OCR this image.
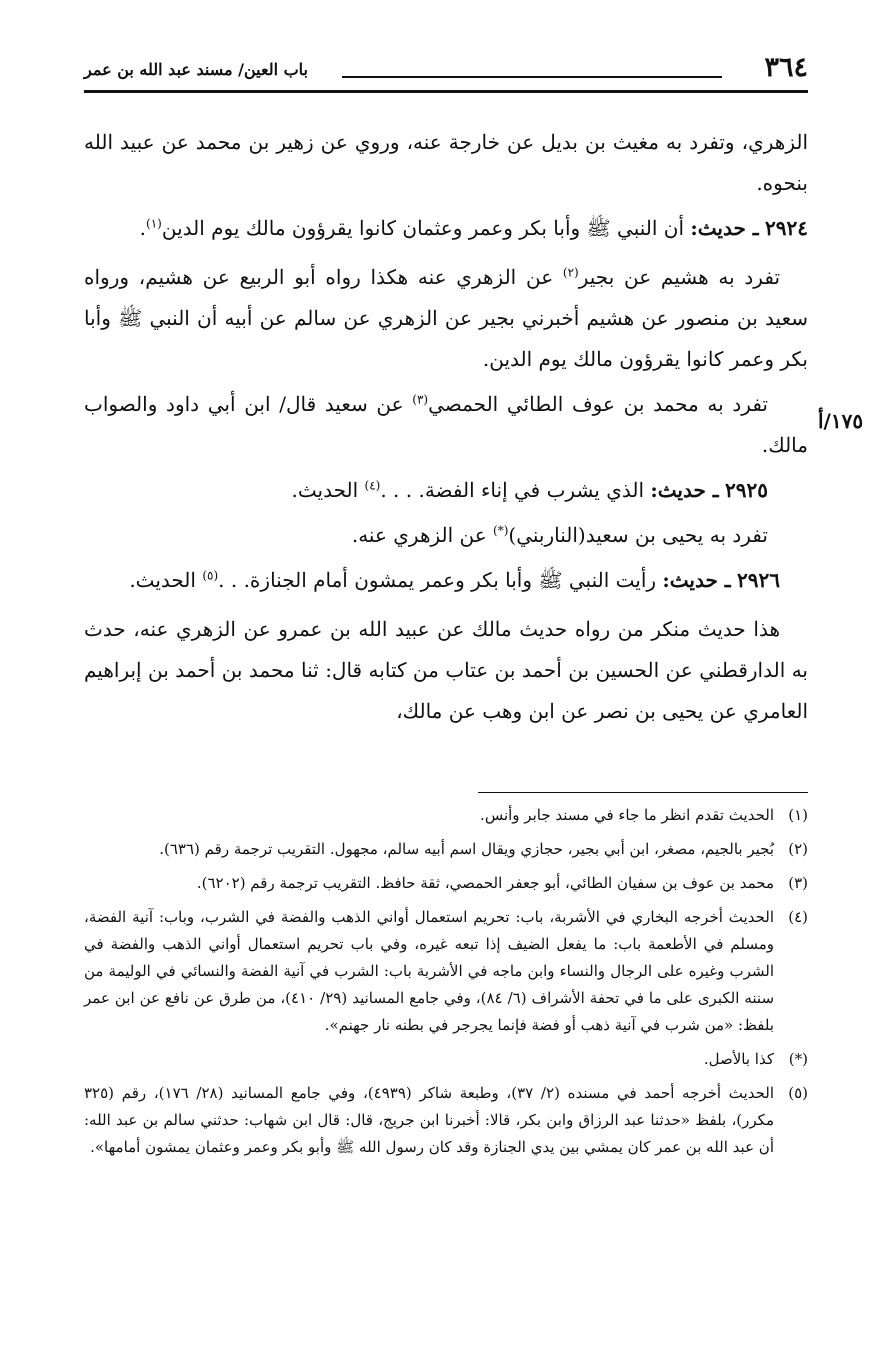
٣٦٤
باب العين/ مسند عبد الله بن عمر
١٧٥/أ

الزهري، وتفرد به مغيث بن بديل عن خارجة عنه، وروي عن زهير بن محمد عن عبيد الله بنحوه.

٢٩٢٤ ـ حديث: أن النبي ﷺ وأبا بكر وعمر وعثمان كانوا يقرؤون مالك يوم الدين$^{(١)}$.

تفرد به هشيم عن بجير$^{(٢)}$ عن الزهري عنه هكذا رواه أبو الربيع عن هشيم، ورواه سعيد بن منصور عن هشيم أخبرني بجير عن الزهري عن سالم عن أبيه أن النبي ﷺ وأبا بكر وعمر كانوا يقرؤون مالك يوم الدين.

تفرد به محمد بن عوف الطائي الحمصي$^{(٣)}$ عن سعيد قال/ ابن أبي داود والصواب مالك.

٢٩٢٥ ـ حديث: الذي يشرب في إناء الفضة. . . .$^{(٤)}$ الحديث.

تفرد به يحيى بن سعيد(الناربني)(*) عن الزهري عنه.

٢٩٢٦ ـ حديث: رأيت النبي ﷺ وأبا بكر وعمر يمشون أمام الجنازة. . .$^{(٥)}$ الحديث.

هذا حديث منكر من رواه حديث مالك عن عبيد الله بن عمرو عن الزهري عنه، حدث به الدارقطني عن الحسين بن أحمد بن عتاب من كتابه قال: ثنا محمد بن أحمد بن إبراهيم العامري عن يحيى بن نصر عن ابن وهب عن مالك،

(١)
الحديث تقدم انظر ما جاء في مسند جابر وأنس.

(٢)
بُجير بالجيم، مصغر، ابن أبي بجير، حجازي ويقال اسم أبيه سالم، مجهول. التقريب ترجمة رقم (٦٣٦).

(٣)
محمد بن عوف بن سفيان الطائي، أبو جعفر الحمصي، ثقة حافظ. التقريب ترجمة رقم (٦٢٠٢).

(٤)
الحديث أخرجه البخاري في الأشربة، باب: تحريم استعمال أواني الذهب والفضة في الشرب، وباب: آنية الفضة، ومسلم في الأطعمة باب: ما يفعل الضيف إذا تبعه غيره، وفي باب تحريم استعمال أواني الذهب والفضة في الشرب وغيره على الرجال والنساء وابن ماجه في الأشربة باب: الشرب في آنية الفضة والنسائي في الوليمة من سننه الكبرى على ما في تحفة الأشراف (٦/ ٨٤)، وفي جامع المسانيد (٢٩/ ٤١٠)، من طرق عن نافع عن ابن عمر بلفظ: «من شرب في آنية ذهب أو فضة فإنما يجرجر في بطنه نار جهنم».

(*)
كذا بالأصل.

(٥)
الحديث أخرجه أحمد في مسنده (٢/ ٣٧)، وطبعة شاكر (٤٩٣٩)، وفي جامع المسانيد (٢٨/ ١٧٦)، رقم (٣٢٥ مكرر)، بلفظ «حدثنا عبد الرزاق وابن بكر، قالا: أخبرنا ابن جريج، قال: قال ابن شهاب: حدثني سالم بن عبد الله: أن عبد الله بن عمر كان يمشي بين يدي الجنازة وقد كان رسول الله ﷺ وأبو بكر وعمر وعثمان يمشون أمامها».
